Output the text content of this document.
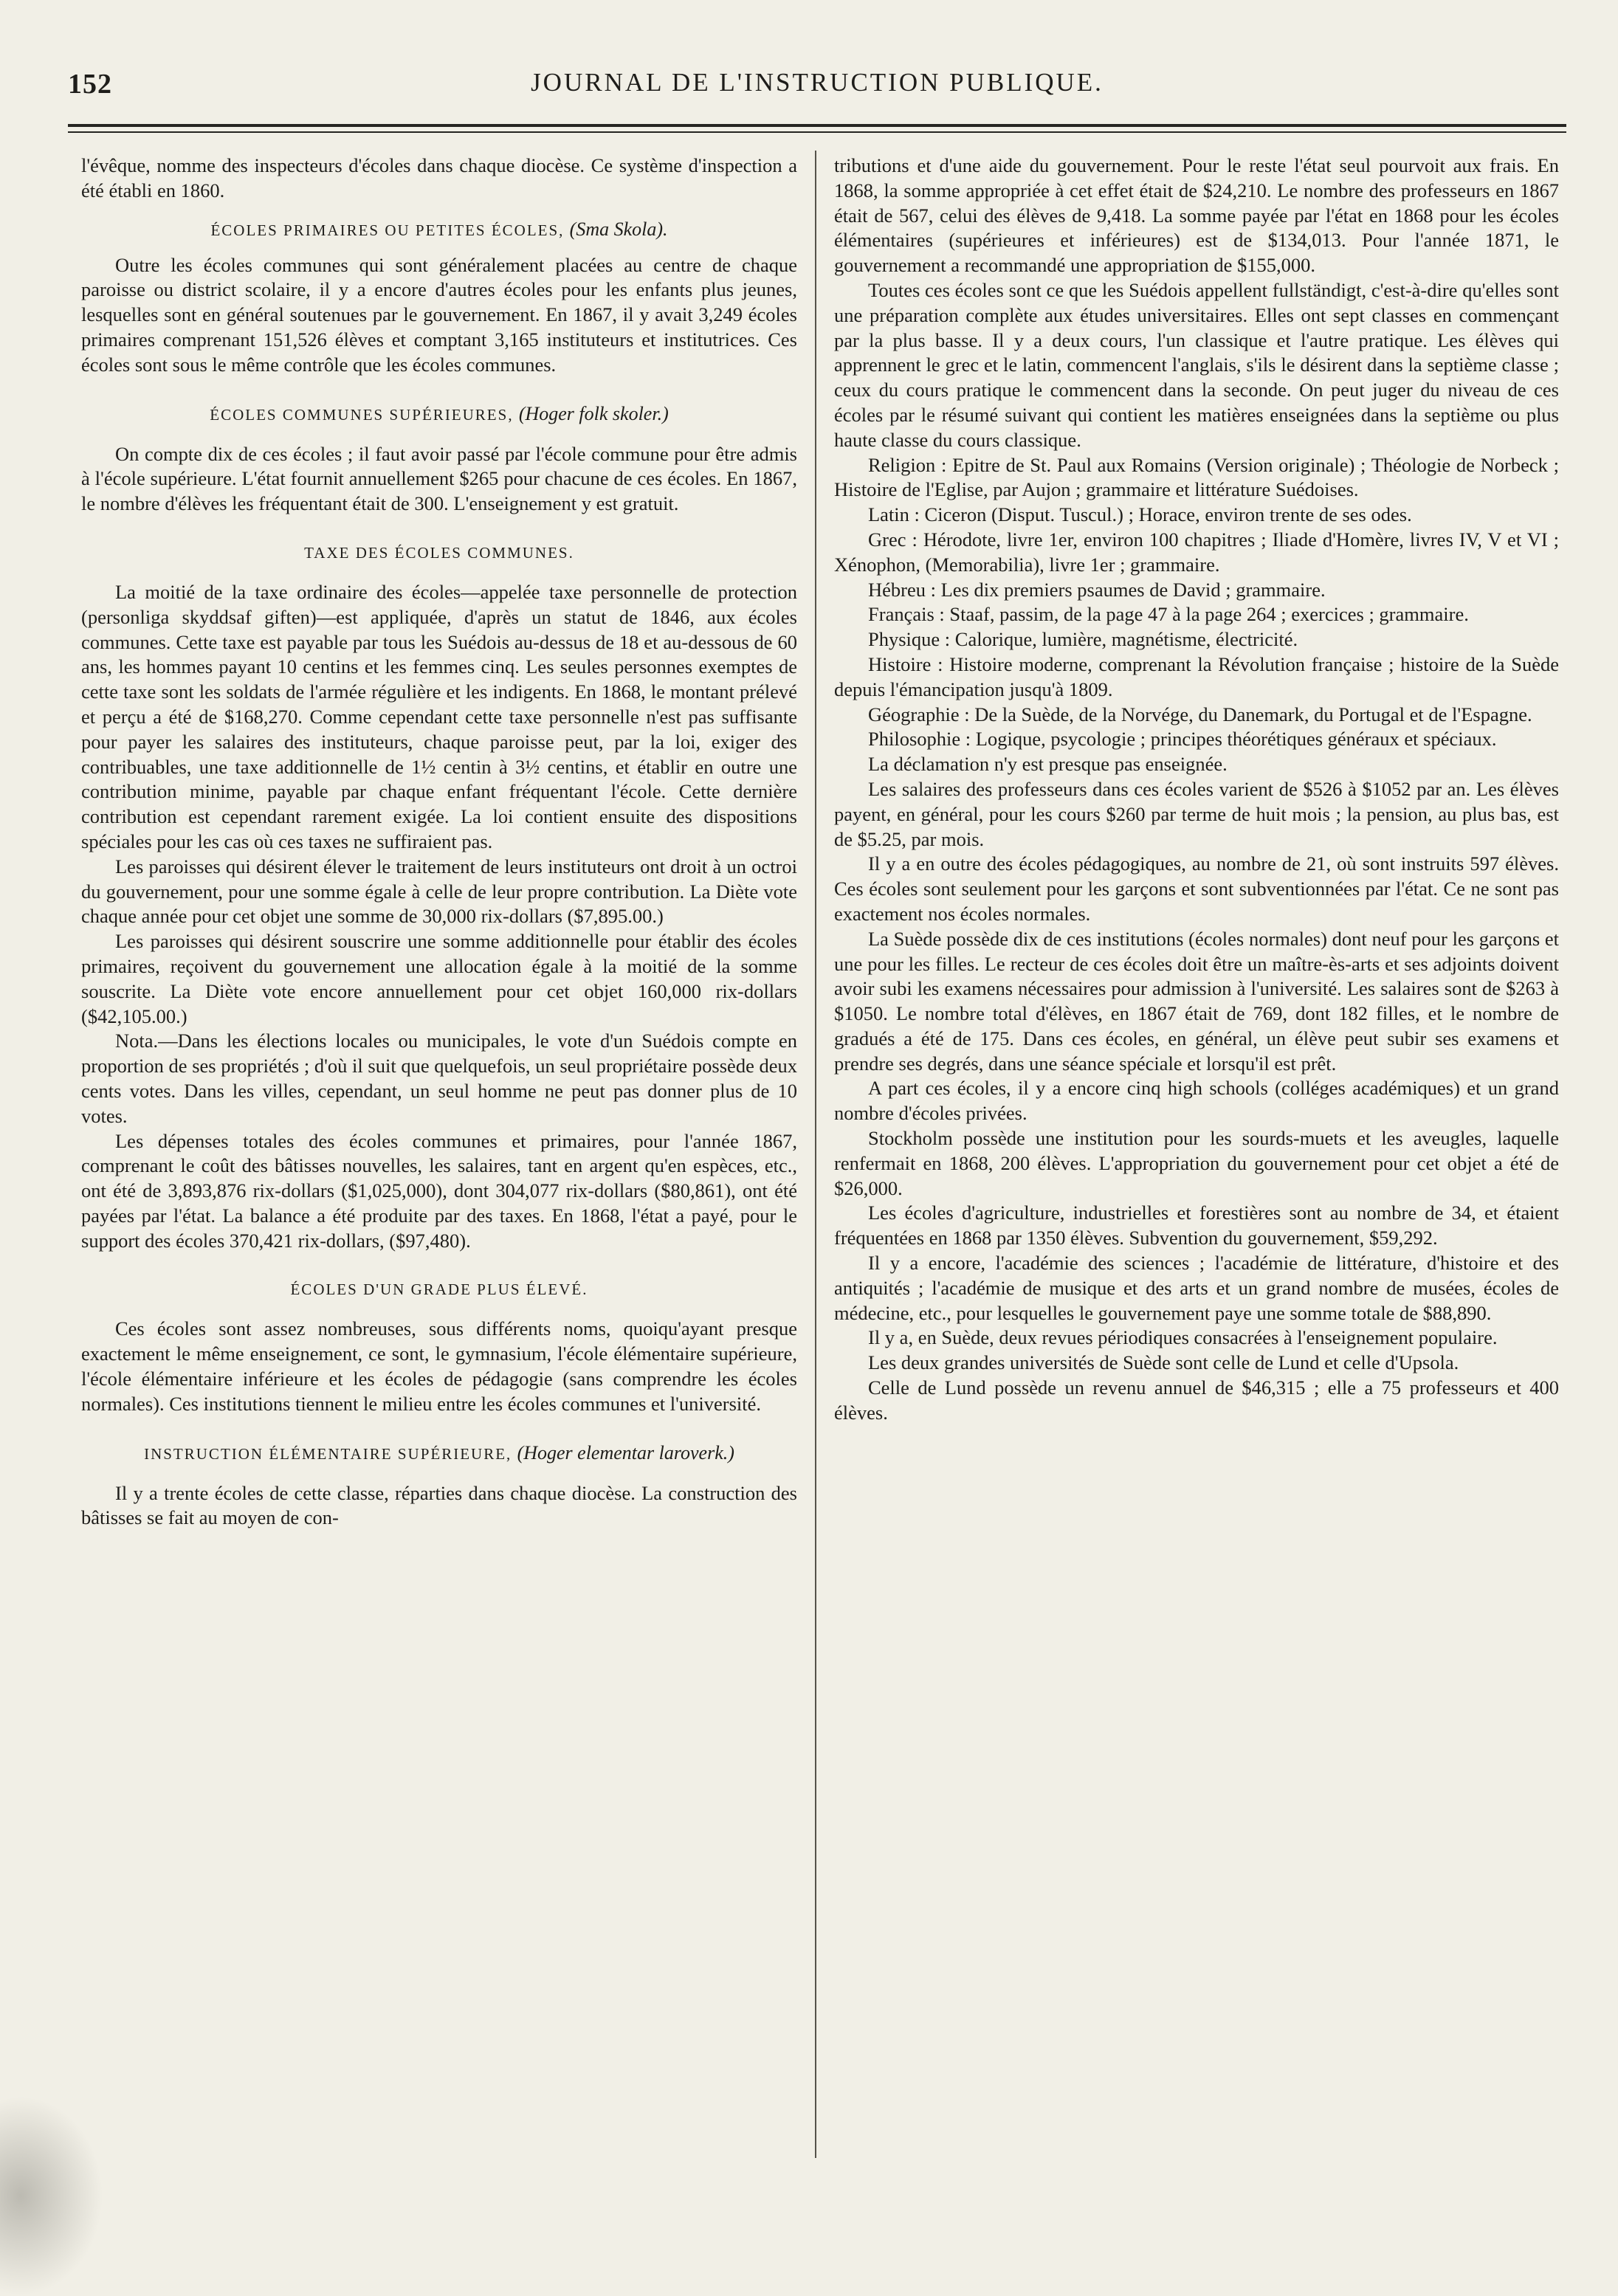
152	JOURNAL DE L'INSTRUCTION PUBLIQUE.

l'évêque, nomme des inspecteurs d'écoles dans chaque diocèse. Ce système d'inspection a été établi en 1860.

ÉCOLES PRIMAIRES OU PETITES ÉCOLES, (Sma Skola).

Outre les écoles communes qui sont généralement placées au centre de chaque paroisse ou district scolaire, il y a encore d'autres écoles pour les enfants plus jeunes, lesquelles sont en général soutenues par le gouvernement. En 1867, il y avait 3,249 écoles primaires comprenant 151,526 élèves et comptant 3,165 instituteurs et institutrices. Ces écoles sont sous le même contrôle que les écoles communes.

ÉCOLES COMMUNES SUPÉRIEURES, (Hoger folk skoler.)

On compte dix de ces écoles ; il faut avoir passé par l'école commune pour être admis à l'école supérieure. L'état fournit annuellement $265 pour chacune de ces écoles. En 1867, le nombre d'élèves les fréquentant était de 300. L'enseignement y est gratuit.

TAXE DES ÉCOLES COMMUNES.

La moitié de la taxe ordinaire des écoles—appelée taxe personnelle de protection (personliga skyddsaf giften)—est appliquée, d'après un statut de 1846, aux écoles communes. Cette taxe est payable par tous les Suédois au-dessus de 18 et au-dessous de 60 ans, les hommes payant 10 centins et les femmes cinq. Les seules personnes exemptes de cette taxe sont les soldats de l'armée régulière et les indigents. En 1868, le montant prélevé et perçu a été de $168,270. Comme cependant cette taxe personnelle n'est pas suffisante pour payer les salaires des instituteurs, chaque paroisse peut, par la loi, exiger des contribuables, une taxe additionnelle de 1½ centin à 3½ centins, et établir en outre une contribution minime, payable par chaque enfant fréquentant l'école. Cette dernière contribution est cependant rarement exigée. La loi contient ensuite des dispositions spéciales pour les cas où ces taxes ne suffiraient pas.

Les paroisses qui désirent élever le traitement de leurs instituteurs ont droit à un octroi du gouvernement, pour une somme égale à celle de leur propre contribution. La Diète vote chaque année pour cet objet une somme de 30,000 rix-dollars ($7,895.00.)

Les paroisses qui désirent souscrire une somme additionnelle pour établir des écoles primaires, reçoivent du gouvernement une allocation égale à la moitié de la somme souscrite. La Diète vote encore annuellement pour cet objet 160,000 rix-dollars ($42,105.00.)

Nota.—Dans les élections locales ou municipales, le vote d'un Suédois compte en proportion de ses propriétés ; d'où il suit que quelquefois, un seul propriétaire possède deux cents votes. Dans les villes, cependant, un seul homme ne peut pas donner plus de 10 votes.

Les dépenses totales des écoles communes et primaires, pour l'année 1867, comprenant le coût des bâtisses nouvelles, les salaires, tant en argent qu'en espèces, etc., ont été de 3,893,876 rix-dollars ($1,025,000), dont 304,077 rix-dollars ($80,861), ont été payées par l'état. La balance a été produite par des taxes. En 1868, l'état a payé, pour le support des écoles 370,421 rix-dollars, ($97,480).

ÉCOLES D'UN GRADE PLUS ÉLEVÉ.

Ces écoles sont assez nombreuses, sous différents noms, quoiqu'ayant presque exactement le même enseignement, ce sont, le gymnasium, l'école élémentaire supérieure, l'école élémentaire inférieure et les écoles de pédagogie (sans comprendre les écoles normales). Ces institutions tiennent le milieu entre les écoles communes et l'université.

INSTRUCTION ÉLÉMENTAIRE SUPÉRIEURE, (Hoger elementar laroverk.)

Il y a trente écoles de cette classe, réparties dans chaque diocèse. La construction des bâtisses se fait au moyen de con-

tributions et d'une aide du gouvernement. Pour le reste l'état seul pourvoit aux frais. En 1868, la somme appropriée à cet effet était de $24,210. Le nombre des professeurs en 1867 était de 567, celui des élèves de 9,418. La somme payée par l'état en 1868 pour les écoles élémentaires (supérieures et inférieures) est de $134,013. Pour l'année 1871, le gouvernement a recommandé une appropriation de $155,000.

Toutes ces écoles sont ce que les Suédois appellent fullständigt, c'est-à-dire qu'elles sont une préparation complète aux études universitaires. Elles ont sept classes en commençant par la plus basse. Il y a deux cours, l'un classique et l'autre pratique. Les élèves qui apprennent le grec et le latin, commencent l'anglais, s'ils le désirent dans la septième classe ; ceux du cours pratique le commencent dans la seconde. On peut juger du niveau de ces écoles par le résumé suivant qui contient les matières enseignées dans la septième ou plus haute classe du cours classique.

Religion : Epitre de St. Paul aux Romains (Version originale) ; Théologie de Norbeck ; Histoire de l'Eglise, par Aujon ; grammaire et littérature Suédoises.

Latin : Ciceron (Disput. Tuscul.) ; Horace, environ trente de ses odes.

Grec : Hérodote, livre 1er, environ 100 chapitres ; Iliade d'Homère, livres IV, V et VI ; Xénophon, (Memorabilia), livre 1er ; grammaire.

Hébreu : Les dix premiers psaumes de David ; grammaire.

Français : Staaf, passim, de la page 47 à la page 264 ; exercices ; grammaire.

Physique : Calorique, lumière, magnétisme, électricité.

Histoire : Histoire moderne, comprenant la Révolution française ; histoire de la Suède depuis l'émancipation jusqu'à 1809.

Géographie : De la Suède, de la Norvége, du Danemark, du Portugal et de l'Espagne.

Philosophie : Logique, psycologie ; principes théorétiques généraux et spéciaux.

La déclamation n'y est presque pas enseignée.

Les salaires des professeurs dans ces écoles varient de $526 à $1052 par an. Les élèves payent, en général, pour les cours $260 par terme de huit mois ; la pension, au plus bas, est de $5.25, par mois.

Il y a en outre des écoles pédagogiques, au nombre de 21, où sont instruits 597 élèves. Ces écoles sont seulement pour les garçons et sont subventionnées par l'état. Ce ne sont pas exactement nos écoles normales.

La Suède possède dix de ces institutions (écoles normales) dont neuf pour les garçons et une pour les filles. Le recteur de ces écoles doit être un maître-ès-arts et ses adjoints doivent avoir subi les examens nécessaires pour admission à l'université. Les salaires sont de $263 à $1050. Le nombre total d'élèves, en 1867 était de 769, dont 182 filles, et le nombre de gradués a été de 175. Dans ces écoles, en général, un élève peut subir ses examens et prendre ses degrés, dans une séance spéciale et lorsqu'il est prêt.

A part ces écoles, il y a encore cinq high schools (colléges académiques) et un grand nombre d'écoles privées.

Stockholm possède une institution pour les sourds-muets et les aveugles, laquelle renfermait en 1868, 200 élèves. L'appropriation du gouvernement pour cet objet a été de $26,000.

Les écoles d'agriculture, industrielles et forestières sont au nombre de 34, et étaient fréquentées en 1868 par 1350 élèves. Subvention du gouvernement, $59,292.

Il y a encore, l'académie des sciences ; l'académie de littérature, d'histoire et des antiquités ; l'académie de musique et des arts et un grand nombre de musées, écoles de médecine, etc., pour lesquelles le gouvernement paye une somme totale de $88,890.

Il y a, en Suède, deux revues périodiques consacrées à l'enseignement populaire.

Les deux grandes universités de Suède sont celle de Lund et celle d'Upsola.

Celle de Lund possède un revenu annuel de $46,315 ; elle a 75 professeurs et 400 élèves.
